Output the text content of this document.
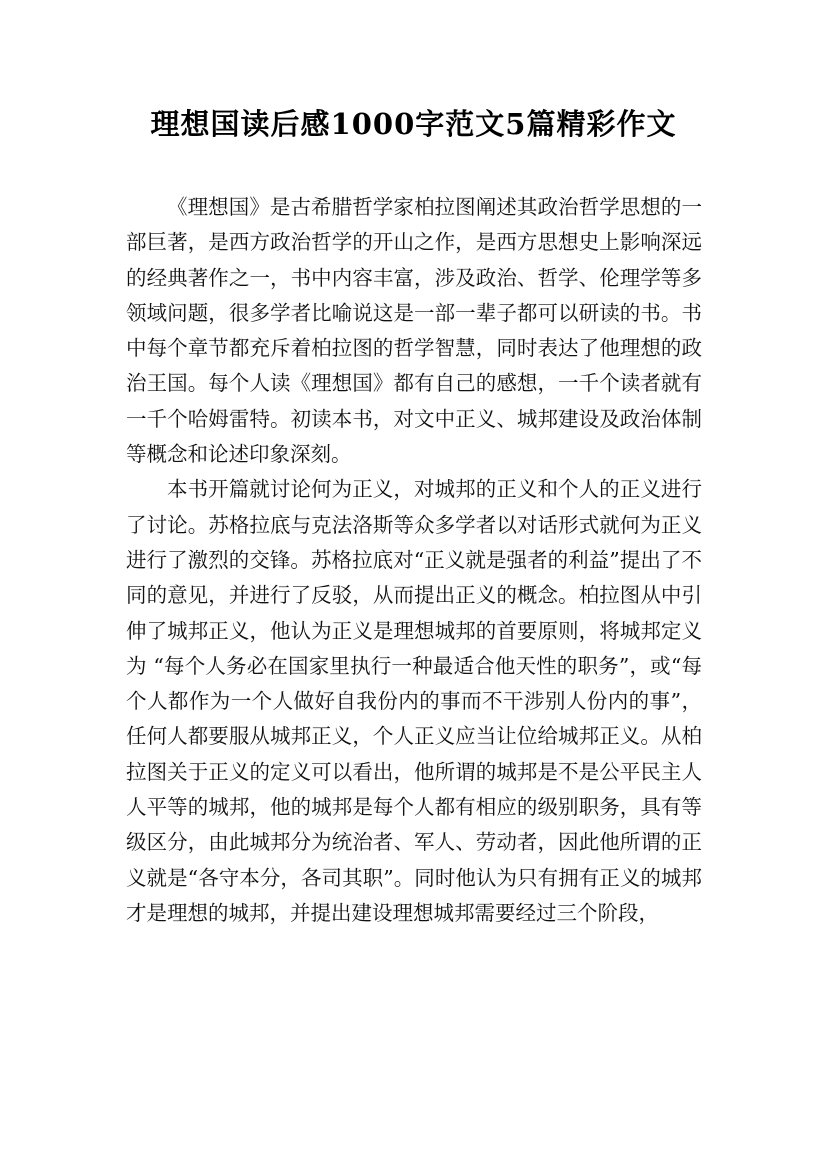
理想国读后感1000字范文5篇精彩作文

《理想国》是古希腊哲学家柏拉图阐述其政治哲学思想的一部巨著，是西方政治哲学的开山之作，是西方思想史上影响深远的经典著作之一，书中内容丰富，涉及政治、哲学、伦理学等多领域问题，很多学者比喻说这是一部一辈子都可以研读的书。书中每个章节都充斥着柏拉图的哲学智慧，同时表达了他理想的政治王国。每个人读《理想国》都有自己的感想，一千个读者就有一千个哈姆雷特。初读本书，对文中正义、城邦建设及政治体制等概念和论述印象深刻。

本书开篇就讨论何为正义，对城邦的正义和个人的正义进行了讨论。苏格拉底与克法洛斯等众多学者以对话形式就何为正义进行了激烈的交锋。苏格拉底对“正义就是强者的利益”提出了不同的意见，并进行了反驳，从而提出正义的概念。柏拉图从中引伸了城邦正义，他认为正义是理想城邦的首要原则，将城邦定义为 “每个人务必在国家里执行一种最适合他天性的职务”，或“每个人都作为一个人做好自我份内的事而不干涉别人份内的事”，任何人都要服从城邦正义，个人正义应当让位给城邦正义。从柏拉图关于正义的定义可以看出，他所谓的城邦是不是公平民主人人平等的城邦，他的城邦是每个人都有相应的级别职务，具有等级区分，由此城邦分为统治者、军人、劳动者，因此他所谓的正义就是“各守本分，各司其职”。同时他认为只有拥有正义的城邦才是理想的城邦，并提出建设理想城邦需要经过三个阶段，
